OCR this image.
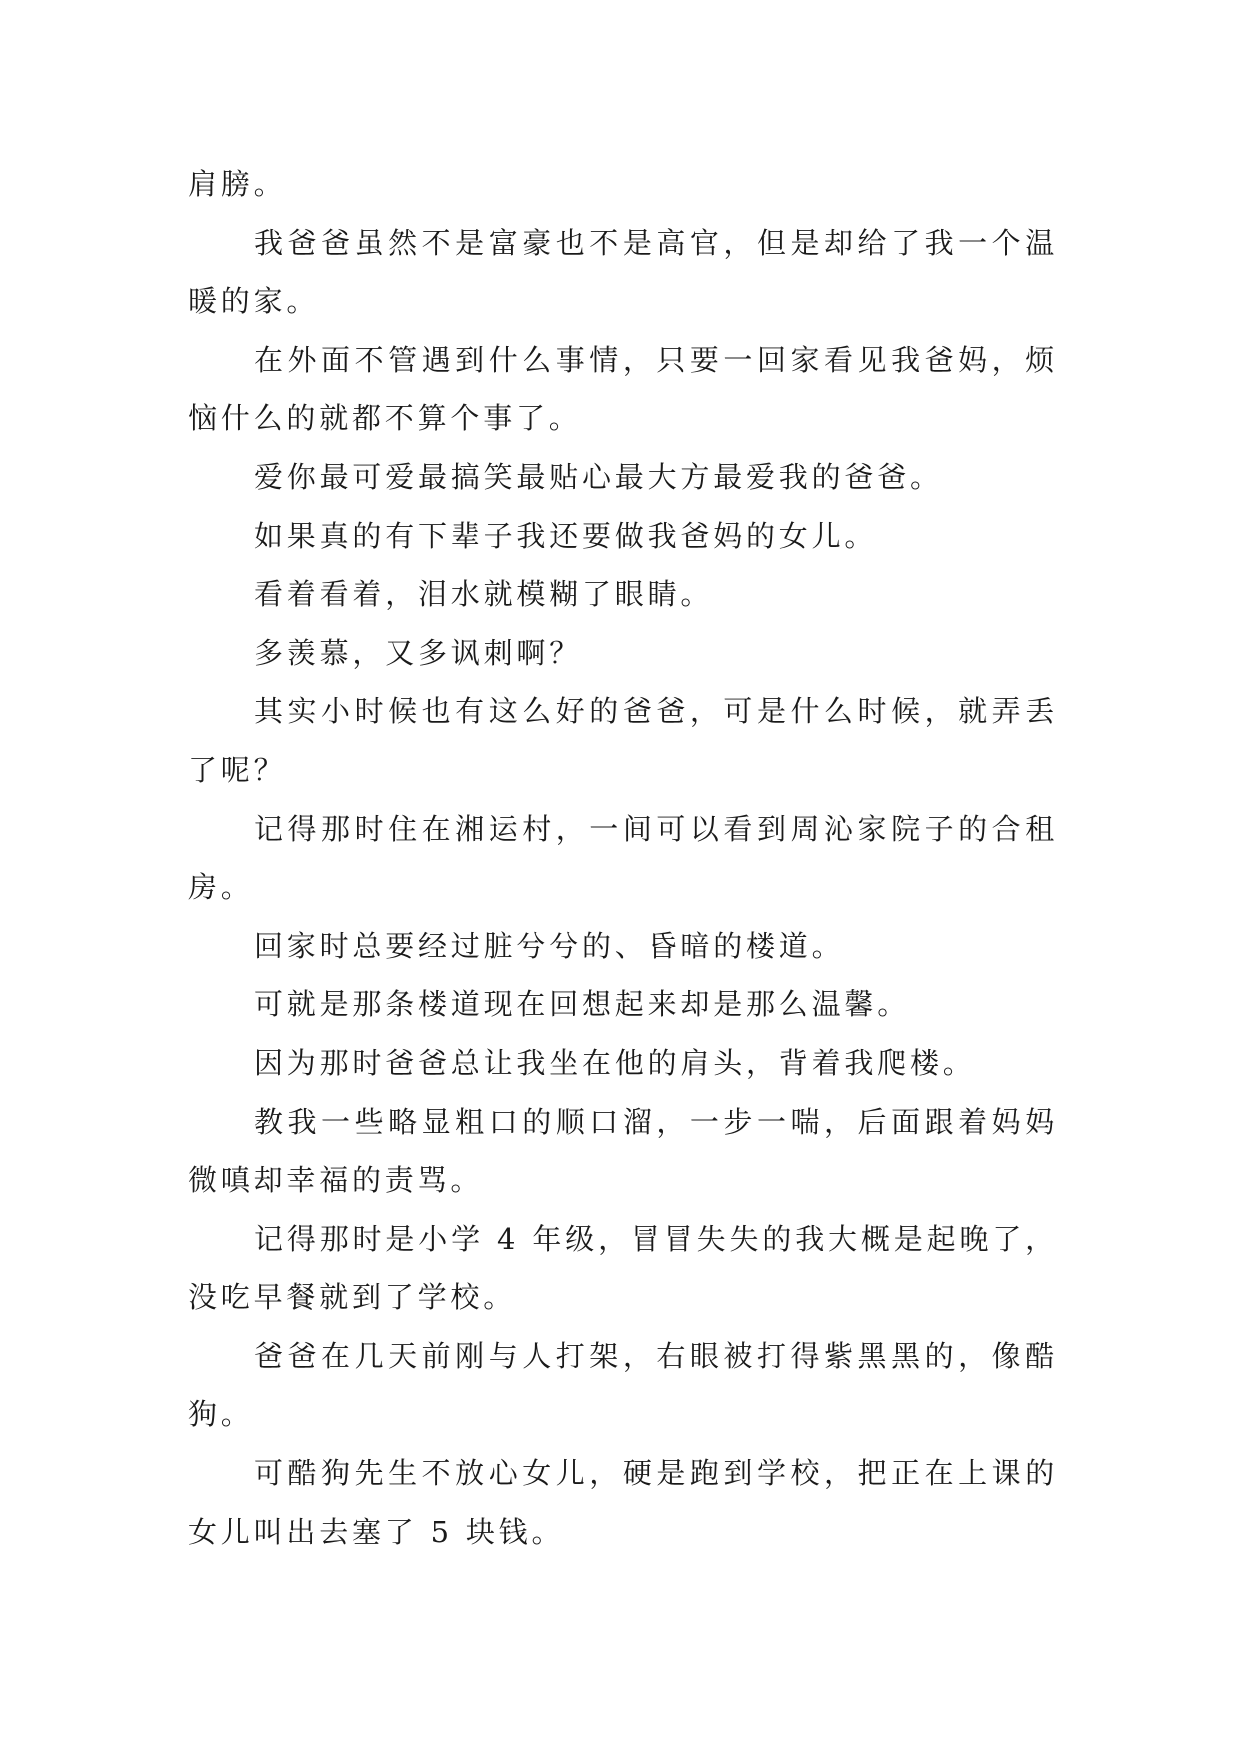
肩膀。

我爸爸虽然不是富豪也不是高官，但是却给了我一个温暖的家。

在外面不管遇到什么事情，只要一回家看见我爸妈，烦恼什么的就都不算个事了。

爱你最可爱最搞笑最贴心最大方最爱我的爸爸。

如果真的有下辈子我还要做我爸妈的女儿。

看着看着，泪水就模糊了眼睛。

多羡慕，又多讽刺啊？

其实小时候也有这么好的爸爸，可是什么时候，就弄丢了呢？

记得那时住在湘运村，一间可以看到周沁家院子的合租房。

回家时总要经过脏兮兮的、昏暗的楼道。

可就是那条楼道现在回想起来却是那么温馨。

因为那时爸爸总让我坐在他的肩头，背着我爬楼。

教我一些略显粗口的顺口溜，一步一喘，后面跟着妈妈微嗔却幸福的责骂。

记得那时是小学 4 年级，冒冒失失的我大概是起晚了，没吃早餐就到了学校。

爸爸在几天前刚与人打架，右眼被打得紫黑黑的，像酷狗。

可酷狗先生不放心女儿，硬是跑到学校，把正在上课的女儿叫出去塞了 5 块钱。
